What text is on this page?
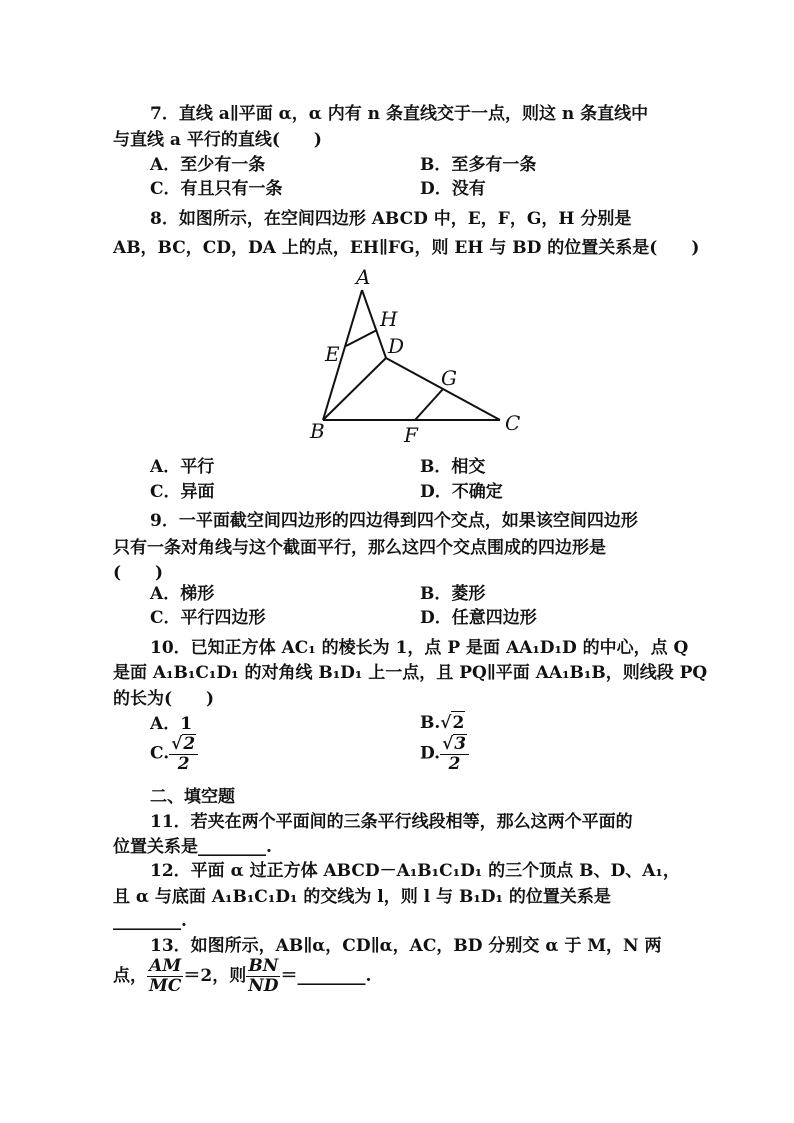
7．直线 a∥平面 α，α 内有 n 条直线交于一点，则这 n 条直线中
与直线 a 平行的直线(　　)
A．至少有一条	B．至多有一条
C．有且只有一条	D．没有
8．如图所示，在空间四边形 ABCD 中，E，F，G，H 分别是
AB，BC，CD，DA 上的点，EH∥FG，则 EH 与 BD 的位置关系是(　　)
A
H
E D
G
B	F	C
A．平行	B．相交
C．异面	D．不确定
9．一平面截空间四边形的四边得到四个交点，如果该空间四边形
只有一条对角线与这个截面平行，那么这四个交点围成的四边形是
(　　)
A．梯形	B．菱形
C．平行四边形	D．任意四边形
10．已知正方体 AC₁ 的棱长为 1，点 P 是面 AA₁D₁D 的中心，点 Q
是面 A₁B₁C₁D₁ 的对角线 B₁D₁ 上一点，且 PQ∥平面 AA₁B₁B，则线段 PQ
的长为(　　)
A．1	B.√2
C. $\frac{√2}{2}$	D. $\frac{√3}{2}$
二、填空题
11．若夹在两个平面间的三条平行线段相等，那么这两个平面的
位置关系是________.
12．平面 α 过正方体 ABCD－A₁B₁C₁D₁ 的三个顶点 B、D、A₁，
且 α 与底面 A₁B₁C₁D₁ 的交线为 l，则 l 与 B₁D₁ 的位置关系是
________.
13．如图所示，AB∥α，CD∥α，AC，BD 分别交 α 于 M，N 两
点， $\frac{AM}{MC} =2$，则 $\frac{BN}{ND}$ ＝________.
